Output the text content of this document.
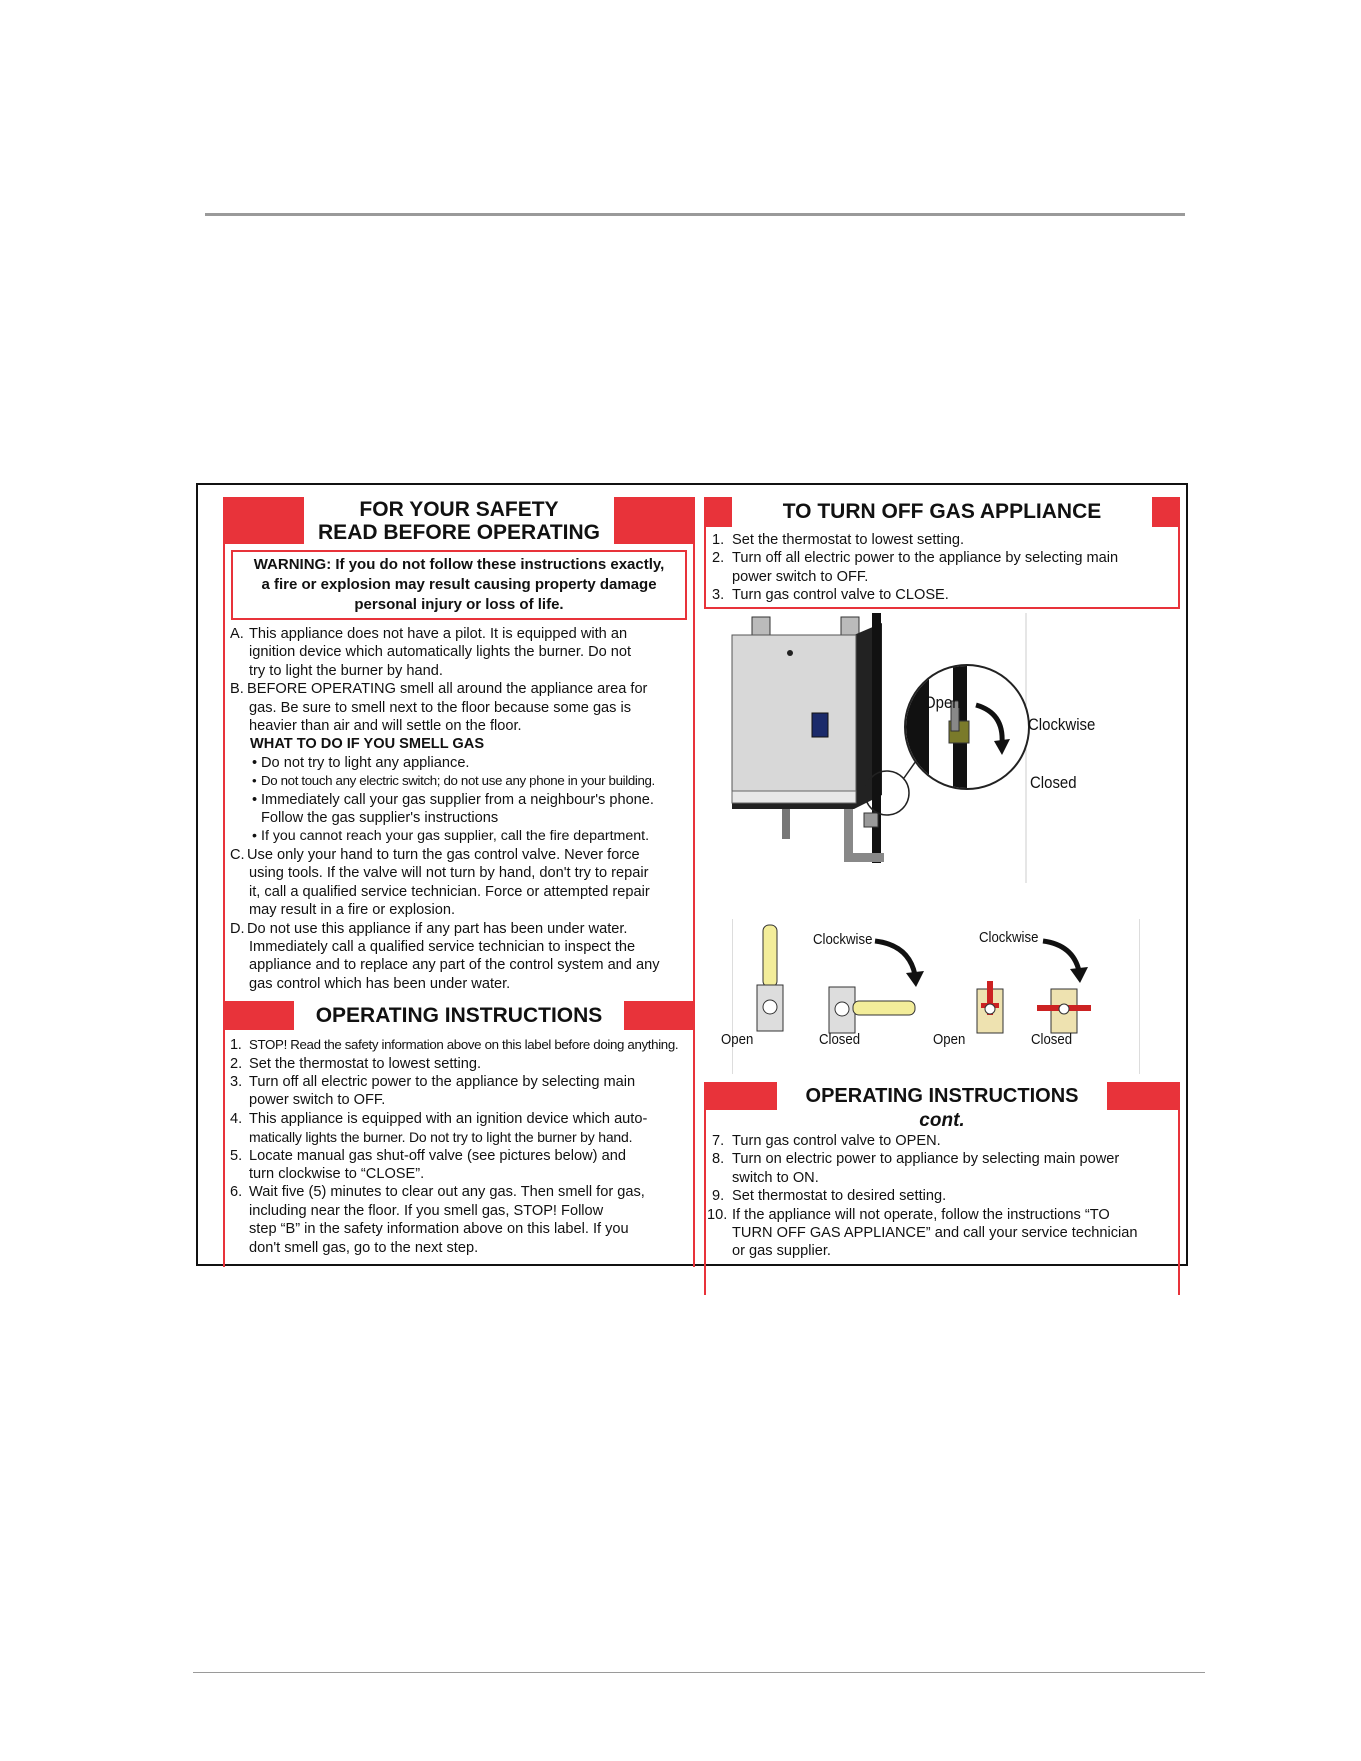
FOR YOUR SAFETY
READ BEFORE OPERATING
WARNING: If you do not follow these instructions exactly,
a fire or explosion may result causing property damage
personal injury or loss of life.
A. This appliance does not have a pilot. It is equipped with an
ignition device which automatically lights the burner. Do not
try to light the burner by hand.
B. BEFORE OPERATING smell all around the appliance area for
gas. Be sure to smell next to the floor because some gas is
heavier than air and will settle on the floor.
WHAT TO DO IF YOU SMELL GAS
• Do not try to light any appliance.
• Do not touch any electric switch; do not use any phone in your building.
• Immediately call your gas supplier from a neighbour's phone.
Follow the gas supplier's instructions
• If you cannot reach your gas supplier, call the fire department.
C. Use only your hand to turn the gas control valve. Never force
using tools. If the valve will not turn by hand, don't try to repair
it, call a qualified service technician. Force or attempted repair
may result in a fire or explosion.
D. Do not use this appliance if any part has been under water.
Immediately call a qualified service technician to inspect the
appliance and to replace any part of the control system and any
gas control which has been under water.
OPERATING INSTRUCTIONS
1. STOP! Read the safety information above on this label before doing anything.
2. Set the thermostat to lowest setting.
3. Turn off all electric power to the appliance by selecting main
power switch to OFF.
4. This appliance is equipped with an ignition device which auto-
matically lights the burner. Do not try to light the burner by hand.
5. Locate manual gas shut-off valve (see pictures below) and
turn clockwise to “CLOSE”.
6. Wait five (5) minutes to clear out any gas. Then smell for gas,
including near the floor. If you smell gas, STOP! Follow
step “B” in the safety information above on this label. If you
don't smell gas, go to the next step.
TO TURN OFF GAS APPLIANCE
1. Set the thermostat to lowest setting.
2. Turn off all electric power to the appliance by selecting main
power switch to OFF.
3. Turn gas control valve to CLOSE.
Open
Clockwise
Closed
Clockwise	Clockwise
Open	Closed	Open	Closed
OPERATING INSTRUCTIONS
cont.
7. Turn gas control valve to OPEN.
8. Turn on electric power to appliance by selecting main power
switch to ON.
9. Set thermostat to desired setting.
10. If the appliance will not operate, follow the instructions “TO
TURN OFF GAS APPLIANCE” and call your service technician
or gas supplier.
